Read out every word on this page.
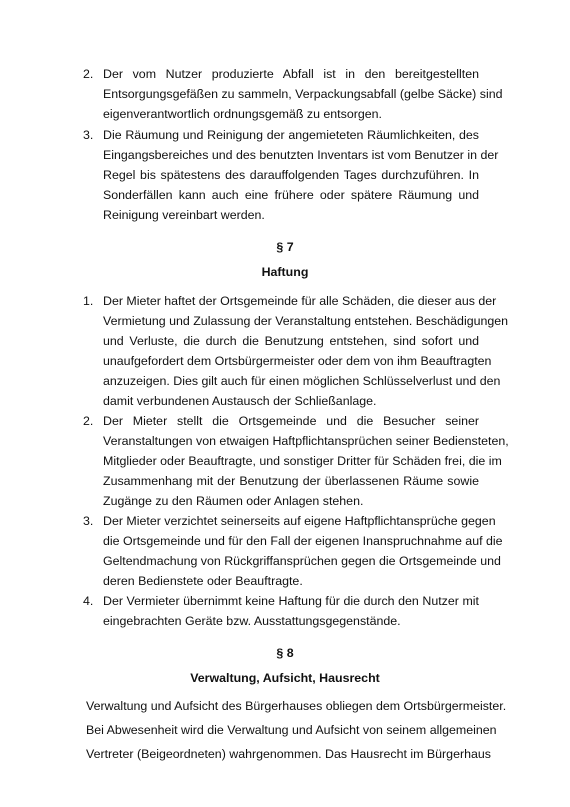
2. Der vom Nutzer produzierte Abfall ist in den bereitgestellten
Entsorgungsgefäßen zu sammeln, Verpackungsabfall (gelbe Säcke) sind
eigenverantwortlich ordnungsgemäß zu entsorgen.
3. Die Räumung und Reinigung der angemieteten Räumlichkeiten, des
Eingangsbereiches und des benutzten Inventars ist vom Benutzer in der
Regel bis spätestens des darauffolgenden Tages durchzuführen. In
Sonderfällen kann auch eine frühere oder spätere Räumung und
Reinigung vereinbart werden.
§ 7
Haftung
1. Der Mieter haftet der Ortsgemeinde für alle Schäden, die dieser aus der
Vermietung und Zulassung der Veranstaltung entstehen. Beschädigungen
und Verluste, die durch die Benutzung entstehen, sind sofort und
unaufgefordert dem Ortsbürgermeister oder dem von ihm Beauftragten
anzuzeigen. Dies gilt auch für einen möglichen Schlüsselverlust und den
damit verbundenen Austausch der Schließanlage.
2. Der Mieter stellt die Ortsgemeinde und die Besucher seiner
Veranstaltungen von etwaigen Haftpflichtansprüchen seiner Bediensteten,
Mitglieder oder Beauftragte, und sonstiger Dritter für Schäden frei, die im
Zusammenhang mit der Benutzung der überlassenen Räume sowie
Zugänge zu den Räumen oder Anlagen stehen.
3. Der Mieter verzichtet seinerseits auf eigene Haftpflichtansprüche gegen
die Ortsgemeinde und für den Fall der eigenen Inanspruchnahme auf die
Geltendmachung von Rückgriffansprüchen gegen die Ortsgemeinde und
deren Bedienstete oder Beauftragte.
4. Der Vermieter übernimmt keine Haftung für die durch den Nutzer mit
eingebrachten Geräte bzw. Ausstattungsgegenstände.
§ 8
Verwaltung, Aufsicht, Hausrecht
Verwaltung und Aufsicht des Bürgerhauses obliegen dem Ortsbürgermeister.
Bei Abwesenheit wird die Verwaltung und Aufsicht von seinem allgemeinen
Vertreter (Beigeordneten) wahrgenommen. Das Hausrecht im Bürgerhaus
